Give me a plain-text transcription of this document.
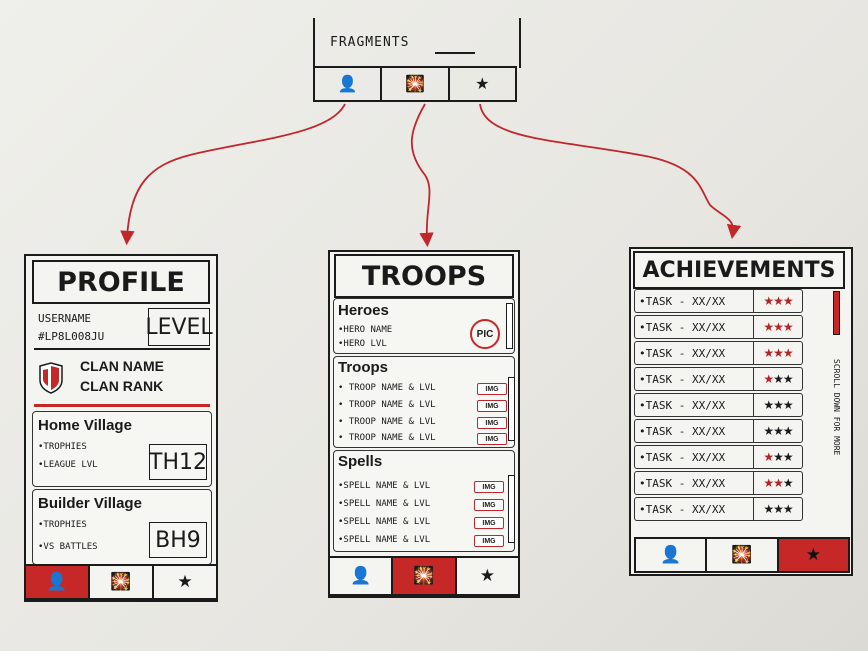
FRAGMENTS
👤	🎇	★
PROFILE
USERNAME
#LP8L008JU LEVEL
CLAN NAME
CLAN RANK
Home Village
•TROPHIES
•LEAGUE LVL TH12
Builder Village
•TROPHIES
•VS BATTLES	BH9
👤	🎇	★
TROOPS
Heroes
•HERO NAME
•HERO LVL
PIC
Troops
• TROOP NAME & LVL	IMG
• TROOP NAME & LVL	IMG
• TROOP NAME & LVL	IMG
• TROOP NAME & LVL	IMG
Spells
•SPELL NAME & LVL	IMG
•SPELL NAME & LVL	IMG
•SPELL NAME & LVL	IMG
•SPELL NAME & LVL	IMG
👤 🎇	★
ACHIEVEMENTS
•TASK - XX/XX	★ ★ ★
•TASK - XX/XX	★ ★ ★
•TASK - XX/XX	★ ★ ★
•TASK - XX/XX	★ ★ ★
•TASK - XX/XX	★ ★ ★
•TASK - XX/XX	★ ★ ★
•TASK - XX/XX	★ ★ ★
•TASK - XX/XX	★ ★ ★
•TASK - XX/XX	★ ★ ★
SCROLL DOWN FOR MORE
👤	🎇	★
